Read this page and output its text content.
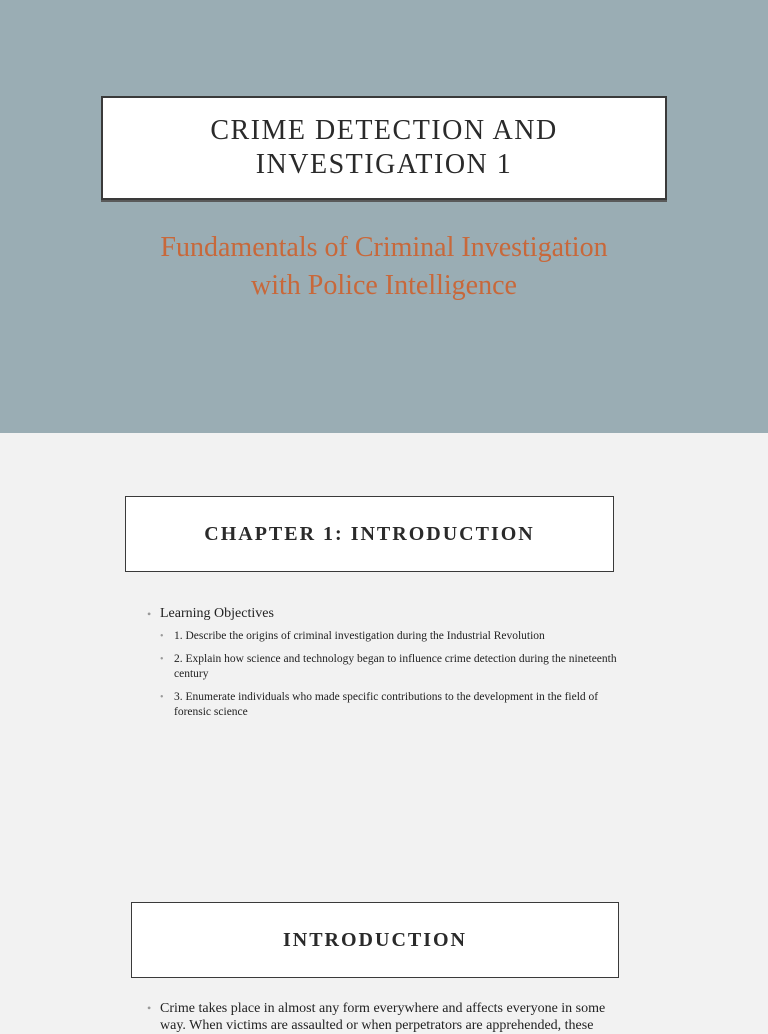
CRIME DETECTION AND INVESTIGATION 1
Fundamentals of Criminal Investigation with Police Intelligence
CHAPTER 1: INTRODUCTION
• Learning Objectives
• 1. Describe the origins of criminal investigation during the Industrial Revolution
• 2. Explain how science and technology began to influence crime detection during the nineteenth century
• 3. Enumerate individuals who made specific contributions to the development in the field of forensic science
INTRODUCTION
• Crime takes place in almost any form everywhere and affects everyone in some way. When victims are assaulted or when perpetrators are apprehended, these
